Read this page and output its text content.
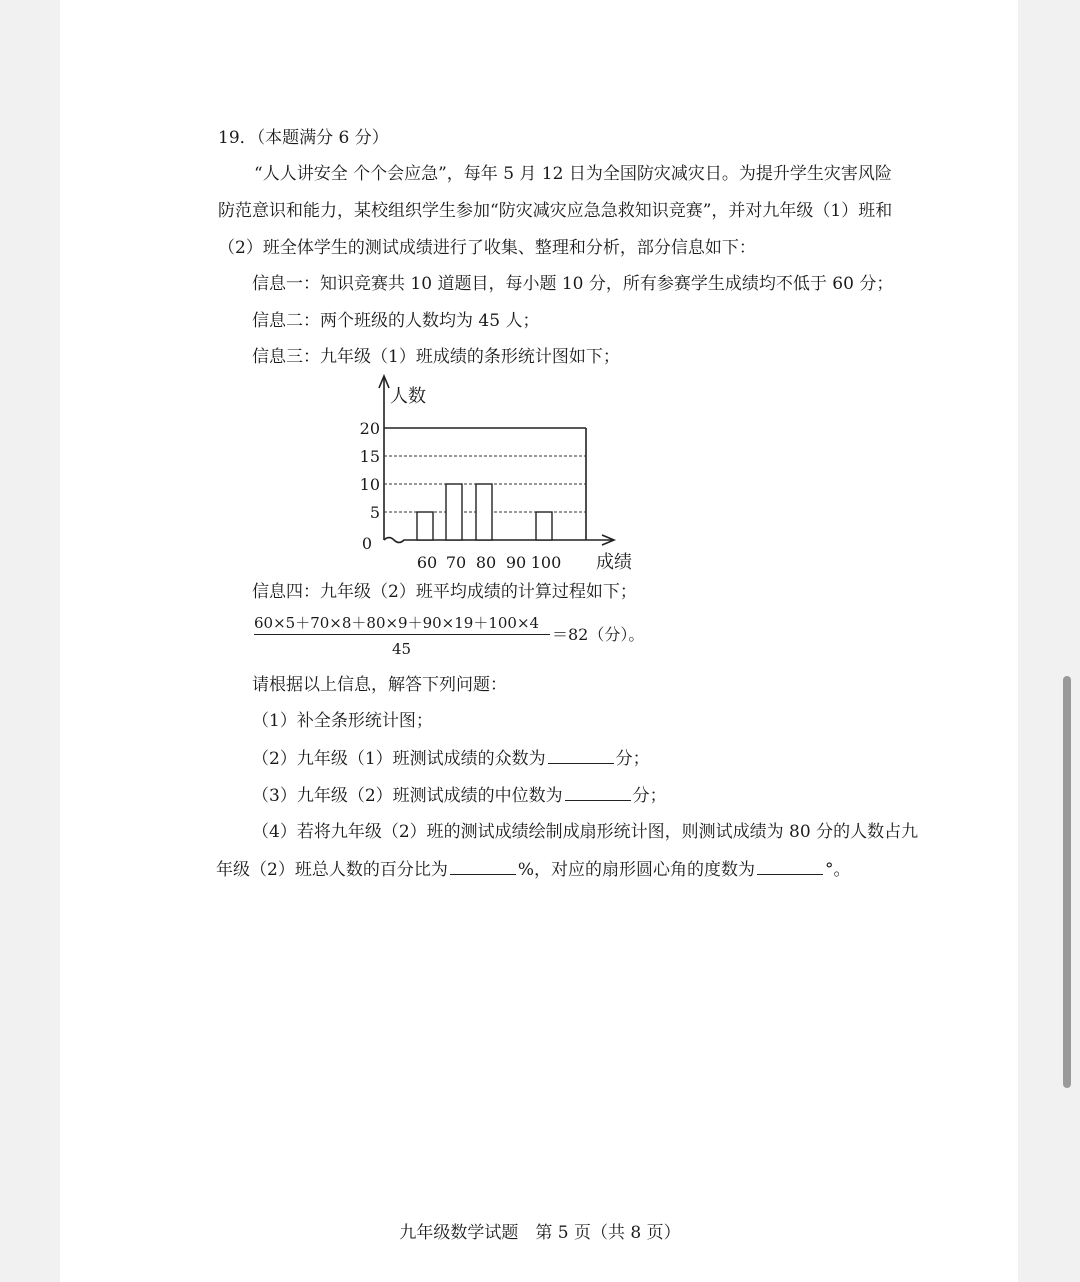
19．（本题满分 6 分）
“人人讲安全 个个会应急”，每年 5 月 12 日为全国防灾减灾日。为提升学生灾害风险
防范意识和能力，某校组织学生参加“防灾减灾应急急救知识竞赛”，并对九年级（1）班和
（2）班全体学生的测试成绩进行了收集、整理和分析，部分信息如下：
信息一：知识竞赛共 10 道题目，每小题 10 分，所有参赛学生成绩均不低于 60 分；
信息二：两个班级的人数均为 45 人；
信息三：九年级（1）班成绩的条形统计图如下；
0
5
10
15
20
60 70 80 90 100
人数
成绩
信息四：九年级（2）班平均成绩的计算过程如下；
60×5＋70×8＋80×9＋90×19＋100×4
45
＝82（分）。
请根据以上信息，解答下列问题：
（1）补全条形统计图；
（2）九年级（1）班测试成绩的众数为	分；
（3）九年级（2）班测试成绩的中位数为	分；
（4）若将九年级（2）班的测试成绩绘制成扇形统计图，则测试成绩为 80 分的人数占九
年级（2）班总人数的百分比为	%，对应的扇形圆心角的度数为	°。
九年级数学试题　第 5 页（共 8 页）
